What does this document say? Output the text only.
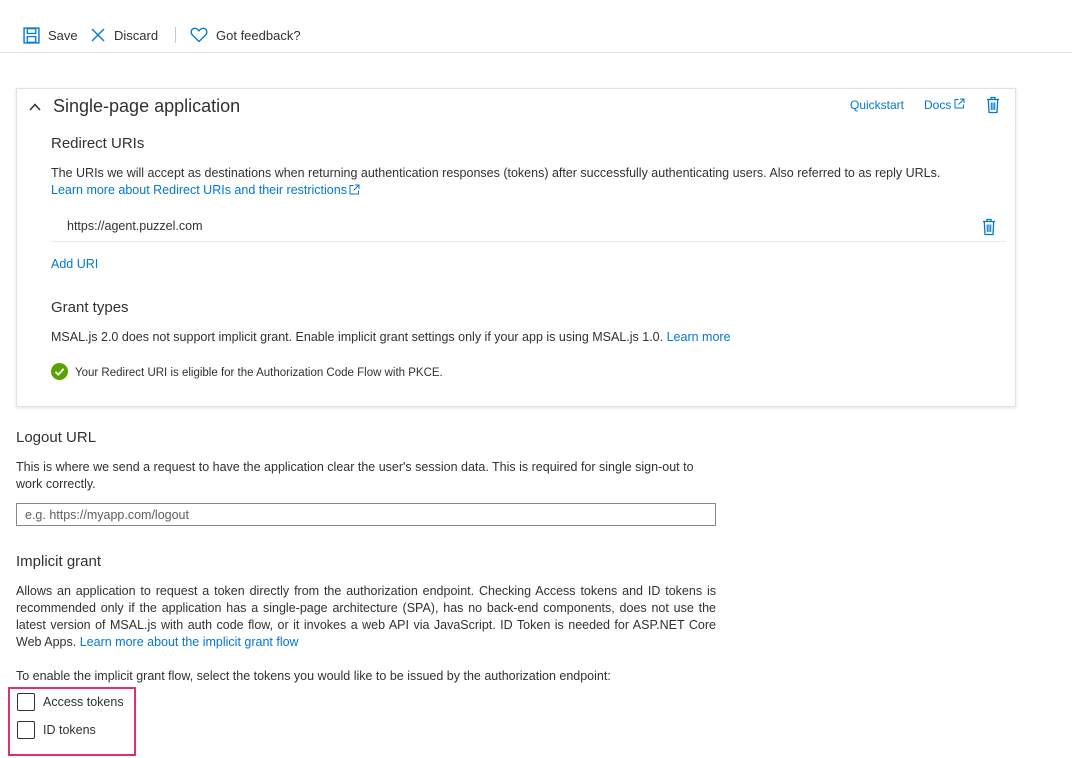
Save	Discard	Got feedback?
Single-page application	Quickstart Docs
Redirect URIs
The URIs we will accept as destinations when returning authentication responses (tokens) after successfully authenticating users. Also referred to as reply URLs.
Learn more about Redirect URIs and their restrictions
https://agent.puzzel.com
Add URI
Grant types
MSAL.js 2.0 does not support implicit grant. Enable implicit grant settings only if your app is using MSAL.js 1.0. Learn more
Your Redirect URI is eligible for the Authorization Code Flow with PKCE.
Logout URL
This is where we send a request to have the application clear the user's session data. This is required for single sign-out to work correctly.
e.g. https://myapp.com/logout
Implicit grant
Allows an application to request a token directly from the authorization endpoint. Checking Access tokens and ID tokens is recommended only if the application has a single-page architecture (SPA), has no back-end components, does not use the latest version of MSAL.js with auth code flow, or it invokes a web API via JavaScript. ID Token is needed for ASP.NET Core Web Apps. Learn more about the implicit grant flow
To enable the implicit grant flow, select the tokens you would like to be issued by the authorization endpoint:
Access tokens
ID tokens
